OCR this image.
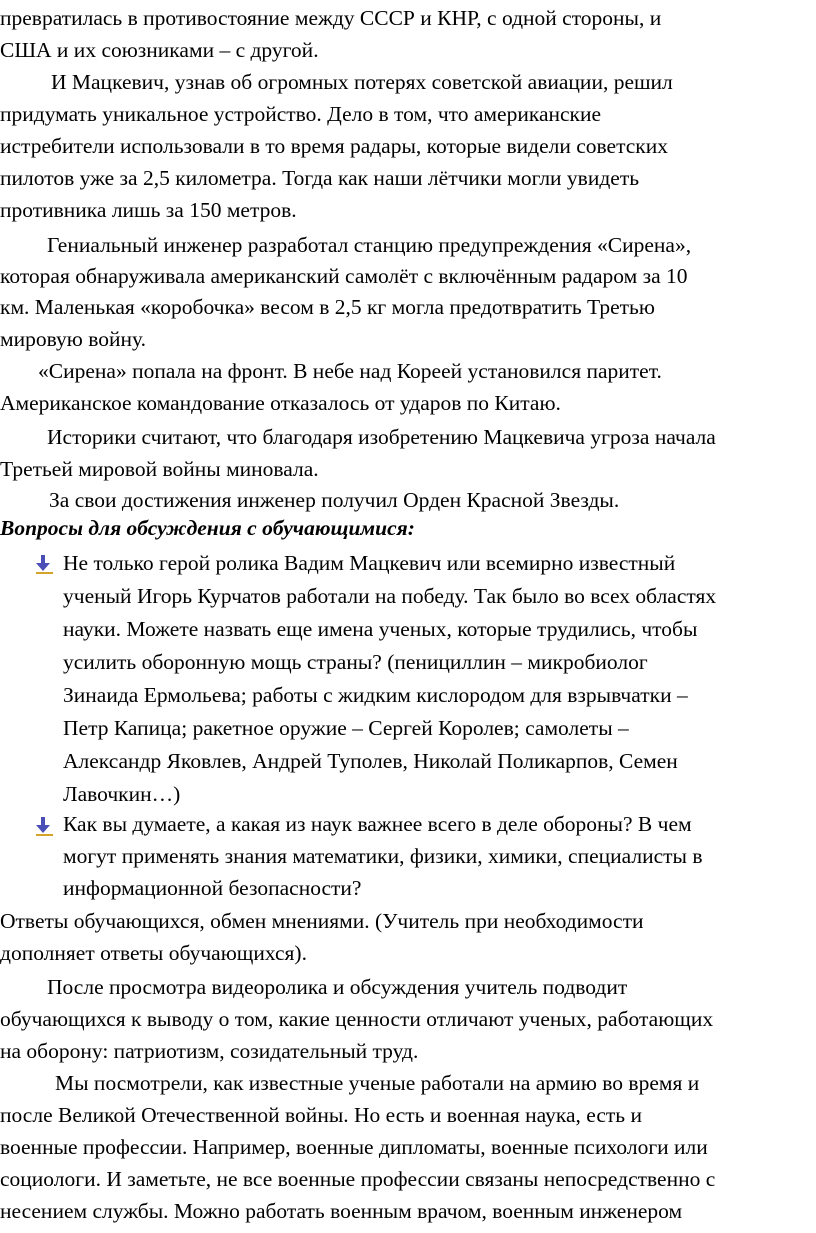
превратилась в противостояние между СССР и КНР, с одной стороны, и
США и их союзниками – с другой.
И Мацкевич, узнав об огромных потерях советской авиации, решил
придумать уникальное устройство. Дело в том, что американские
истребители использовали в то время радары, которые видели советских
пилотов уже за 2,5 километра. Тогда как наши лётчики могли увидеть
противника лишь за 150 метров.
Гениальный инженер разработал станцию предупреждения «Сирена»,
которая обнаруживала американский самолёт с включённым радаром за 10
км. Маленькая «коробочка» весом в 2,5 кг могла предотвратить Третью
мировую войну.
«Сирена» попала на фронт. В небе над Кореей установился паритет.
Американское командование отказалось от ударов по Китаю.
Историки считают, что благодаря изобретению Мацкевича угроза начала
Третьей мировой войны миновала.
За свои достижения инженер получил Орден Красной Звезды.
Вопросы для обсуждения с обучающимися:
Не только герой ролика Вадим Мацкевич или всемирно известный
ученый Игорь Курчатов работали на победу. Так было во всех областях
науки. Можете назвать еще имена ученых, которые трудились, чтобы
усилить оборонную мощь страны? (пенициллин – микробиолог
Зинаида Ермольева; работы с жидким кислородом для взрывчатки –
Петр Капица; ракетное оружие – Сергей Королев; самолеты –
Александр Яковлев, Андрей Туполев, Николай Поликарпов, Семен
Лавочкин…)
Как вы думаете, а какая из наук важнее всего в деле обороны? В чем
могут применять знания математики, физики, химики, специалисты в
информационной безопасности?
Ответы обучающихся, обмен мнениями. (Учитель при необходимости
дополняет ответы обучающихся).
После просмотра видеоролика и обсуждения учитель подводит
обучающихся к выводу о том, какие ценности отличают ученых, работающих
на оборону: патриотизм, созидательный труд.
Мы посмотрели, как известные ученые работали на армию во время и
после Великой Отечественной войны. Но есть и военная наука, есть и
военные профессии. Например, военные дипломаты, военные психологи или
социологи. И заметьте, не все военные профессии связаны непосредственно с
несением службы. Можно работать военным врачом, военным инженером
